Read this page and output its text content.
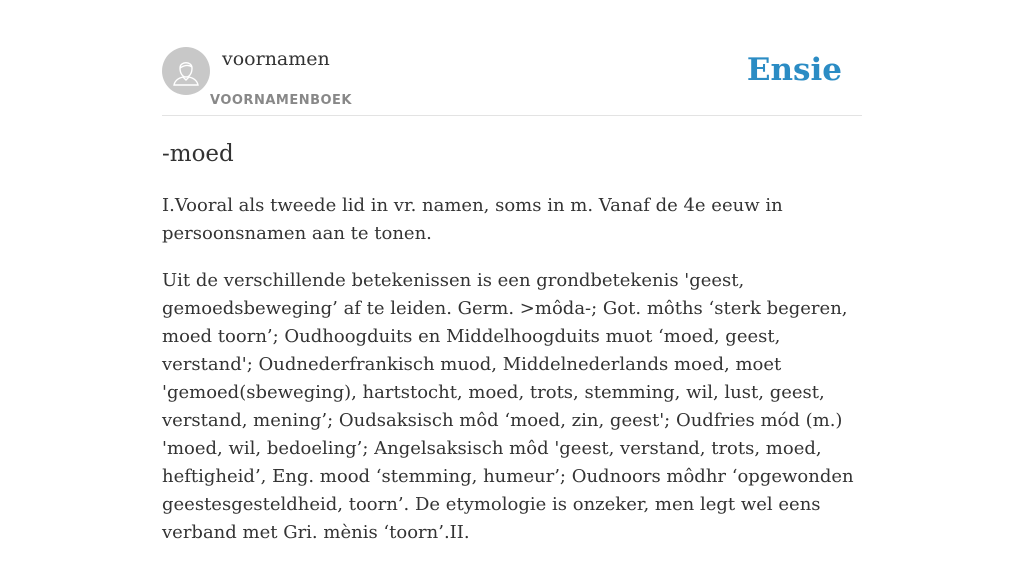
voornamen
VOORNAMENBOEK
Ensie
-moed

I.Vooral als tweede lid in vr. namen, soms in m. Vanaf de 4e eeuw in persoonsnamen aan te tonen.

Uit de verschillende betekenissen is een grondbetekenis 'geest, gemoedsbeweging’ af te leiden. Germ. >môda-; Got. môths ‘sterk begeren, moed toorn’; Oudhoogduits en Middelhoogduits muot ‘moed, geest, verstand'; Oudnederfrankisch muod, Middelnederlands moed, moet 'gemoed(sbeweging), hartstocht, moed, trots, stemming, wil, lust, geest, verstand, mening’; Oudsaksisch môd ‘moed, zin, geest'; Oudfries mód (m.) 'moed, wil, bedoeling’; Angelsaksisch môd 'geest, verstand, trots, moed, heftigheid’, Eng. mood ‘stemming, humeur’; Oudnoors môdhr ‘opgewonden geestesgesteldheid, toorn’. De etymologie is onzeker, men legt wel eens verband met Gri. mènis ‘toorn’.II.
